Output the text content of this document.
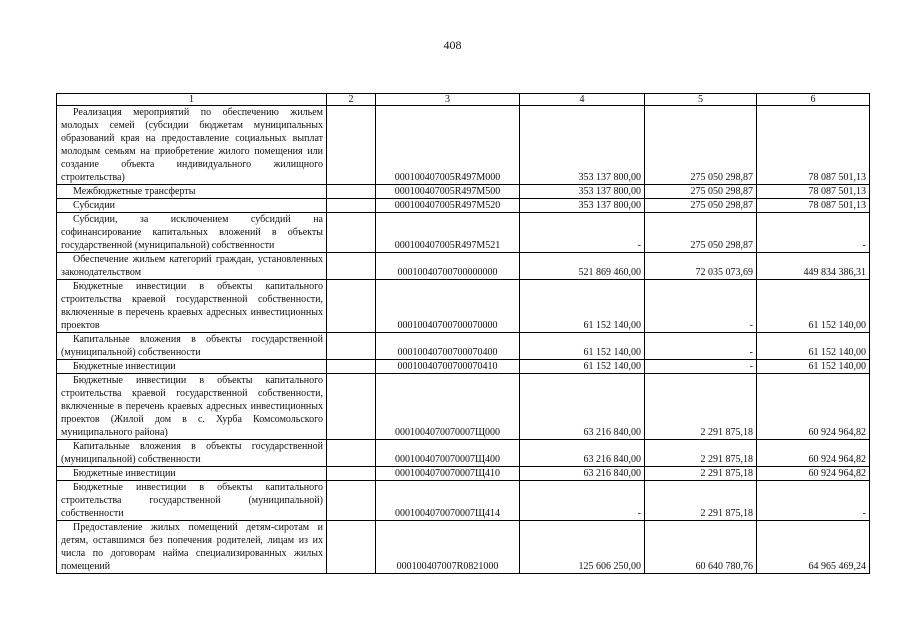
408
1	2	3	4	5	6
Реализация мероприятий по обеспечению жильем молодых семей (субсидии бюджетам муниципальных образований края на предоставление социальных выплат молодым семьям на приобретение жилого помещения или создание объекта индивидуального жилищного строительства)		000100407005R497M000	353 137 800,00	275 050 298,87	78 087 501,13
Межбюджетные трансферты		000100407005R497M500	353 137 800,00	275 050 298,87	78 087 501,13
Субсидии		000100407005R497M520	353 137 800,00	275 050 298,87	78 087 501,13
Субсидии, за исключением субсидий на софинансирование капитальных вложений в объекты государственной (муниципальной) собственности		000100407005R497M521	-	275 050 298,87	-
Обеспечение жильем категорий граждан, установленных законодательством		00010040700700000000	521 869 460,00	72 035 073,69	449 834 386,31
Бюджетные инвестиции в объекты капитального строительства краевой государственной собственности, включенные в перечень краевых адресных инвестиционных проектов		00010040700700070000	61 152 140,00	-	61 152 140,00
Капитальные вложения в объекты государственной (муниципальной) собственности		00010040700700070400	61 152 140,00	-	61 152 140,00
Бюджетные инвестиции		00010040700700070410	61 152 140,00	-	61 152 140,00
Бюджетные инвестиции в объекты капитального строительства краевой государственной собственности, включенные в перечень краевых адресных инвестиционных проектов (Жилой дом в с. Хурба Комсомольского муниципального района)		0001004070070007Щ000	63 216 840,00	2 291 875,18	60 924 964,82
Капитальные вложения в объекты государственной (муниципальной) собственности		0001004070070007Щ400	63 216 840,00	2 291 875,18	60 924 964,82
Бюджетные инвестиции		0001004070070007Щ410	63 216 840,00	2 291 875,18	60 924 964,82
Бюджетные инвестиции в объекты капитального строительства государственной (муниципальной) собственности		0001004070070007Щ414	-	2 291 875,18	-
Предоставление жилых помещений детям-сиротам и детям, оставшимся без попечения родителей, лицам из их числа по договорам найма специализированных жилых помещений		000100407007R0821000	125 606 250,00	60 640 780,76	64 965 469,24
